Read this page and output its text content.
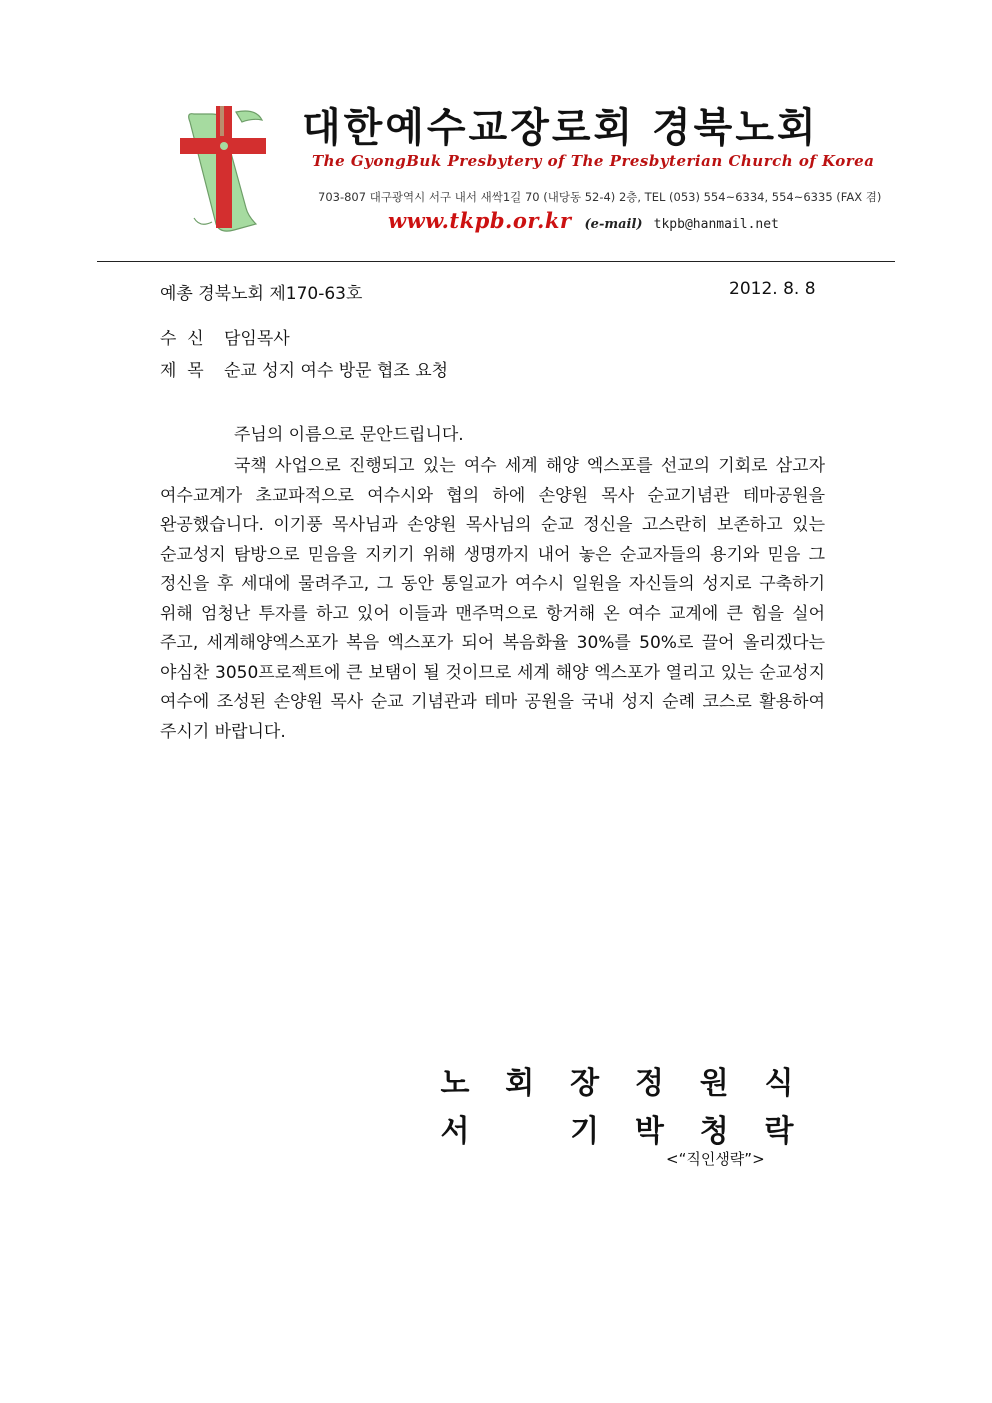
대한예수교장로회 경북노회
The GyongBuk Presbytery of The Presbyterian Church of Korea
703-807 대구광역시 서구 내서 새싹1길 70 (내당동 52-4) 2층, TEL (053) 554~6334, 554~6335 (FAX 겸)
www.tkpb.or.kr (e-mail) tkpb@hanmail.net
예총 경북노회 제170-63호	2012. 8. 8
수  신 담임목사
제  목 순교 성지 여수 방문 협조 요청
주님의 이름으로 문안드립니다.
국책 사업으로 진행되고 있는 여수 세계 해양 엑스포를 선교의 기회로 삼고자 여수교계가 초교파적으로 여수시와 협의 하에 손양원 목사 순교기념관 테마공원을 완공했습니다. 이기풍 목사님과 손양원 목사님의 순교 정신을 고스란히 보존하고 있는 순교성지 탐방으로 믿음을 지키기 위해 생명까지 내어 놓은 순교자들의 용기와 믿음 그 정신을 후 세대에 물려주고, 그 동안 통일교가 여수시 일원을 자신들의 성지로 구축하기 위해 엄청난 투자를 하고 있어 이들과 맨주먹으로 항거해 온 여수 교계에 큰 힘을 실어 주고, 세계해양엑스포가 복음 엑스포가 되어 복음화율 30%를 50%로 끌어 올리겠다는 야심찬 3050프로젝트에 큰 보탬이 될 것이므로 세계 해양 엑스포가 열리고 있는 순교성지 여수에 조성된 손양원 목사 순교 기념관과 테마 공원을 국내 성지 순례 코스로 활용하여 주시기 바랍니다.
노 회 장 정 원 식
서	기 박 청 락
<“직인생략”>
